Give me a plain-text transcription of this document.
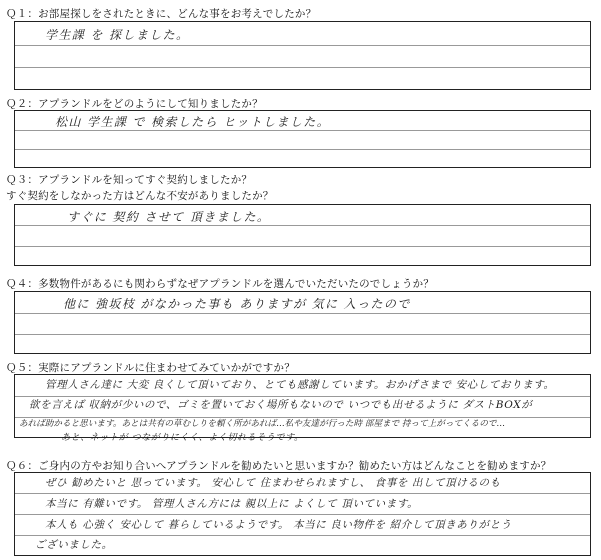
Ｑ１：お部屋探しをされたときに、どんな事をお考えでしたか？
学生課 を 探しました。
Ｑ２：アプランドルをどのようにして知りましたか？
松山 学生課 で 検索したら ヒットしました。
Ｑ３：アプランドルを知ってすぐ契約しましたか？
すぐ契約をしなかった方はどんな不安がありましたか？
すぐに 契約 させて 頂きました。
Ｑ４：多数物件があるにも関わらずなぜアプランドルを選んでいただいたのでしょうか？
他に 強坂枝 がなかった事も ありますが 気に 入ったので
Ｑ５：実際にアプランドルに住まわせてみていかがですか？
管理人さん達に 大変 良くして頂いており、とても感謝しています。おかげさまで 安心しております。
欲を言えば 収納が少いので、ゴミを置いておく場所もないので いつでも出せるように ダストBOXが
あれば助かると思います。あとは共有の草むしりを頼く所があれば…私や友達が行った時 部屋まで 持って上がってくるので…
あと、ネットが つながりにくく、よく切れるそうです。
Ｑ６：ご身内の方やお知り合いへアプランドルを勧めたいと思いますか？勧めたい方はどんなことを勧めますか？
ぜひ 勧めたいと 思っています。 安心して 住まわせられますし、 食事を 出して頂けるのも
本当に 有難いです。 管理人さん方には 親以上に よくして 頂いています。
本人も 心強く 安心して 暮らしているようです。 本当に 良い物件を 紹介して頂きありがとう
ございました。
